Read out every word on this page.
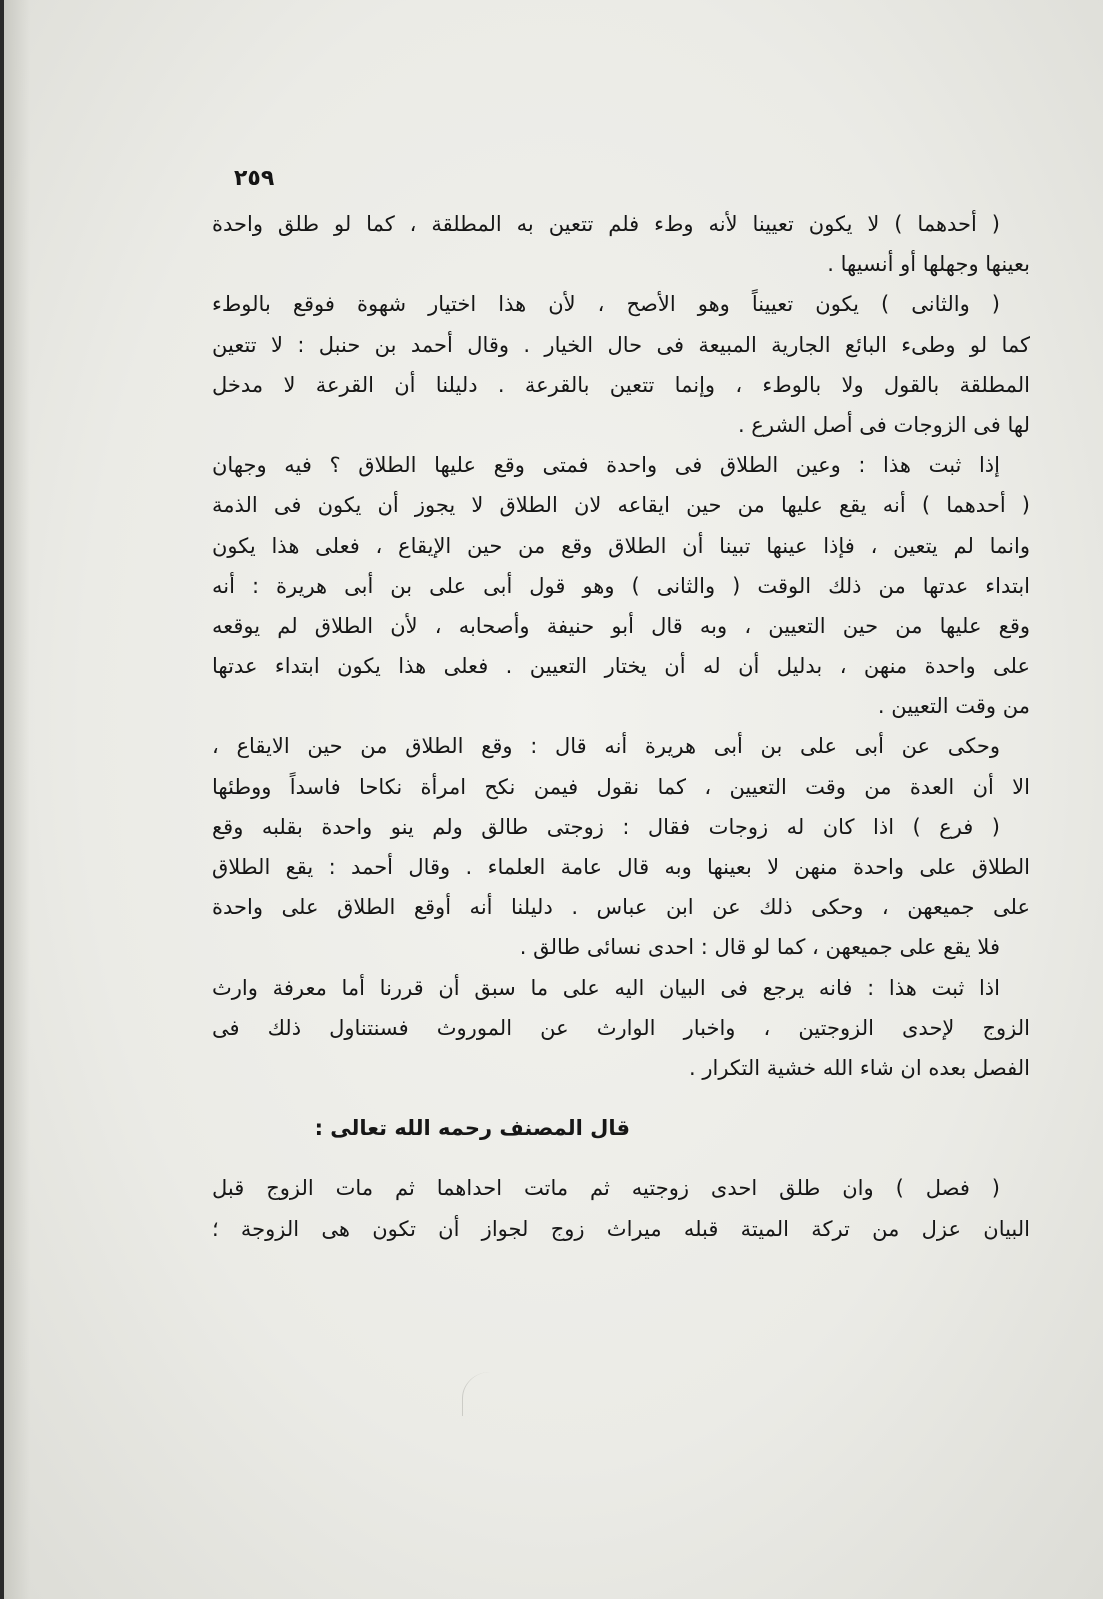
٢٥٩
( أحدهما ) لا يكون تعيينا لأنه وطء فلم تتعين به المطلقة ، كما لو طلق واحدة
بعينها وجهلها أو أنسيها .
( والثانى ) يكون تعييناً وهو الأصح ، لأن هذا اختيار شهوة فوقع بالوطء
كما لو وطىء البائع الجارية المبيعة فى حال الخيار . وقال أحمد بن حنبل : لا تتعين
المطلقة بالقول ولا بالوطء ، وإنما تتعين بالقرعة . دليلنا أن القرعة لا مدخل
لها فى الزوجات فى أصل الشرع .
إذا ثبت هذا : وعين الطلاق فى واحدة فمتى وقع عليها الطلاق ؟ فيه وجهان
( أحدهما ) أنه يقع عليها من حين ايقاعه لان الطلاق لا يجوز أن يكون فى الذمة
وانما لم يتعين ، فإذا عينها تبينا أن الطلاق وقع من حين الإيقاع ، فعلى هذا يكون
ابتداء عدتها من ذلك الوقت ( والثانى ) وهو قول أبى على بن أبى هريرة : أنه
وقع عليها من حين التعيين ، وبه قال أبو حنيفة وأصحابه ، لأن الطلاق لم يوقعه
على واحدة منهن ، بدليل أن له أن يختار التعيين . فعلى هذا يكون ابتداء عدتها
من وقت التعيين .
وحكى عن أبى على بن أبى هريرة أنه قال : وقع الطلاق من حين الايقاع ،
الا أن العدة من وقت التعيين ، كما نقول فيمن نكح امرأة نكاحا فاسداً ووطئها
( فرع ) اذا كان له زوجات فقال : زوجتى طالق ولم ينو واحدة بقلبه وقع
الطلاق على واحدة منهن لا بعينها وبه قال عامة العلماء . وقال أحمد : يقع الطلاق
على جميعهن ، وحكى ذلك عن ابن عباس . دليلنا أنه أوقع الطلاق على واحدة
فلا يقع على جميعهن ، كما لو قال : احدى نسائى طالق .
اذا ثبت هذا : فانه يرجع فى البيان اليه على ما سبق أن قررنا أما معرفة وارث
الزوج لإحدى الزوجتين ، واخبار الوارث عن الموروث فسنتناول ذلك فى
الفصل بعده ان شاء الله خشية التكرار .
قال المصنف رحمه الله تعالى :
( فصل ) وان طلق احدى زوجتيه ثم ماتت احداهما ثم مات الزوج قبل
البيان عزل من تركة الميتة قبله ميراث زوج لجواز أن تكون هى الزوجة ؛
